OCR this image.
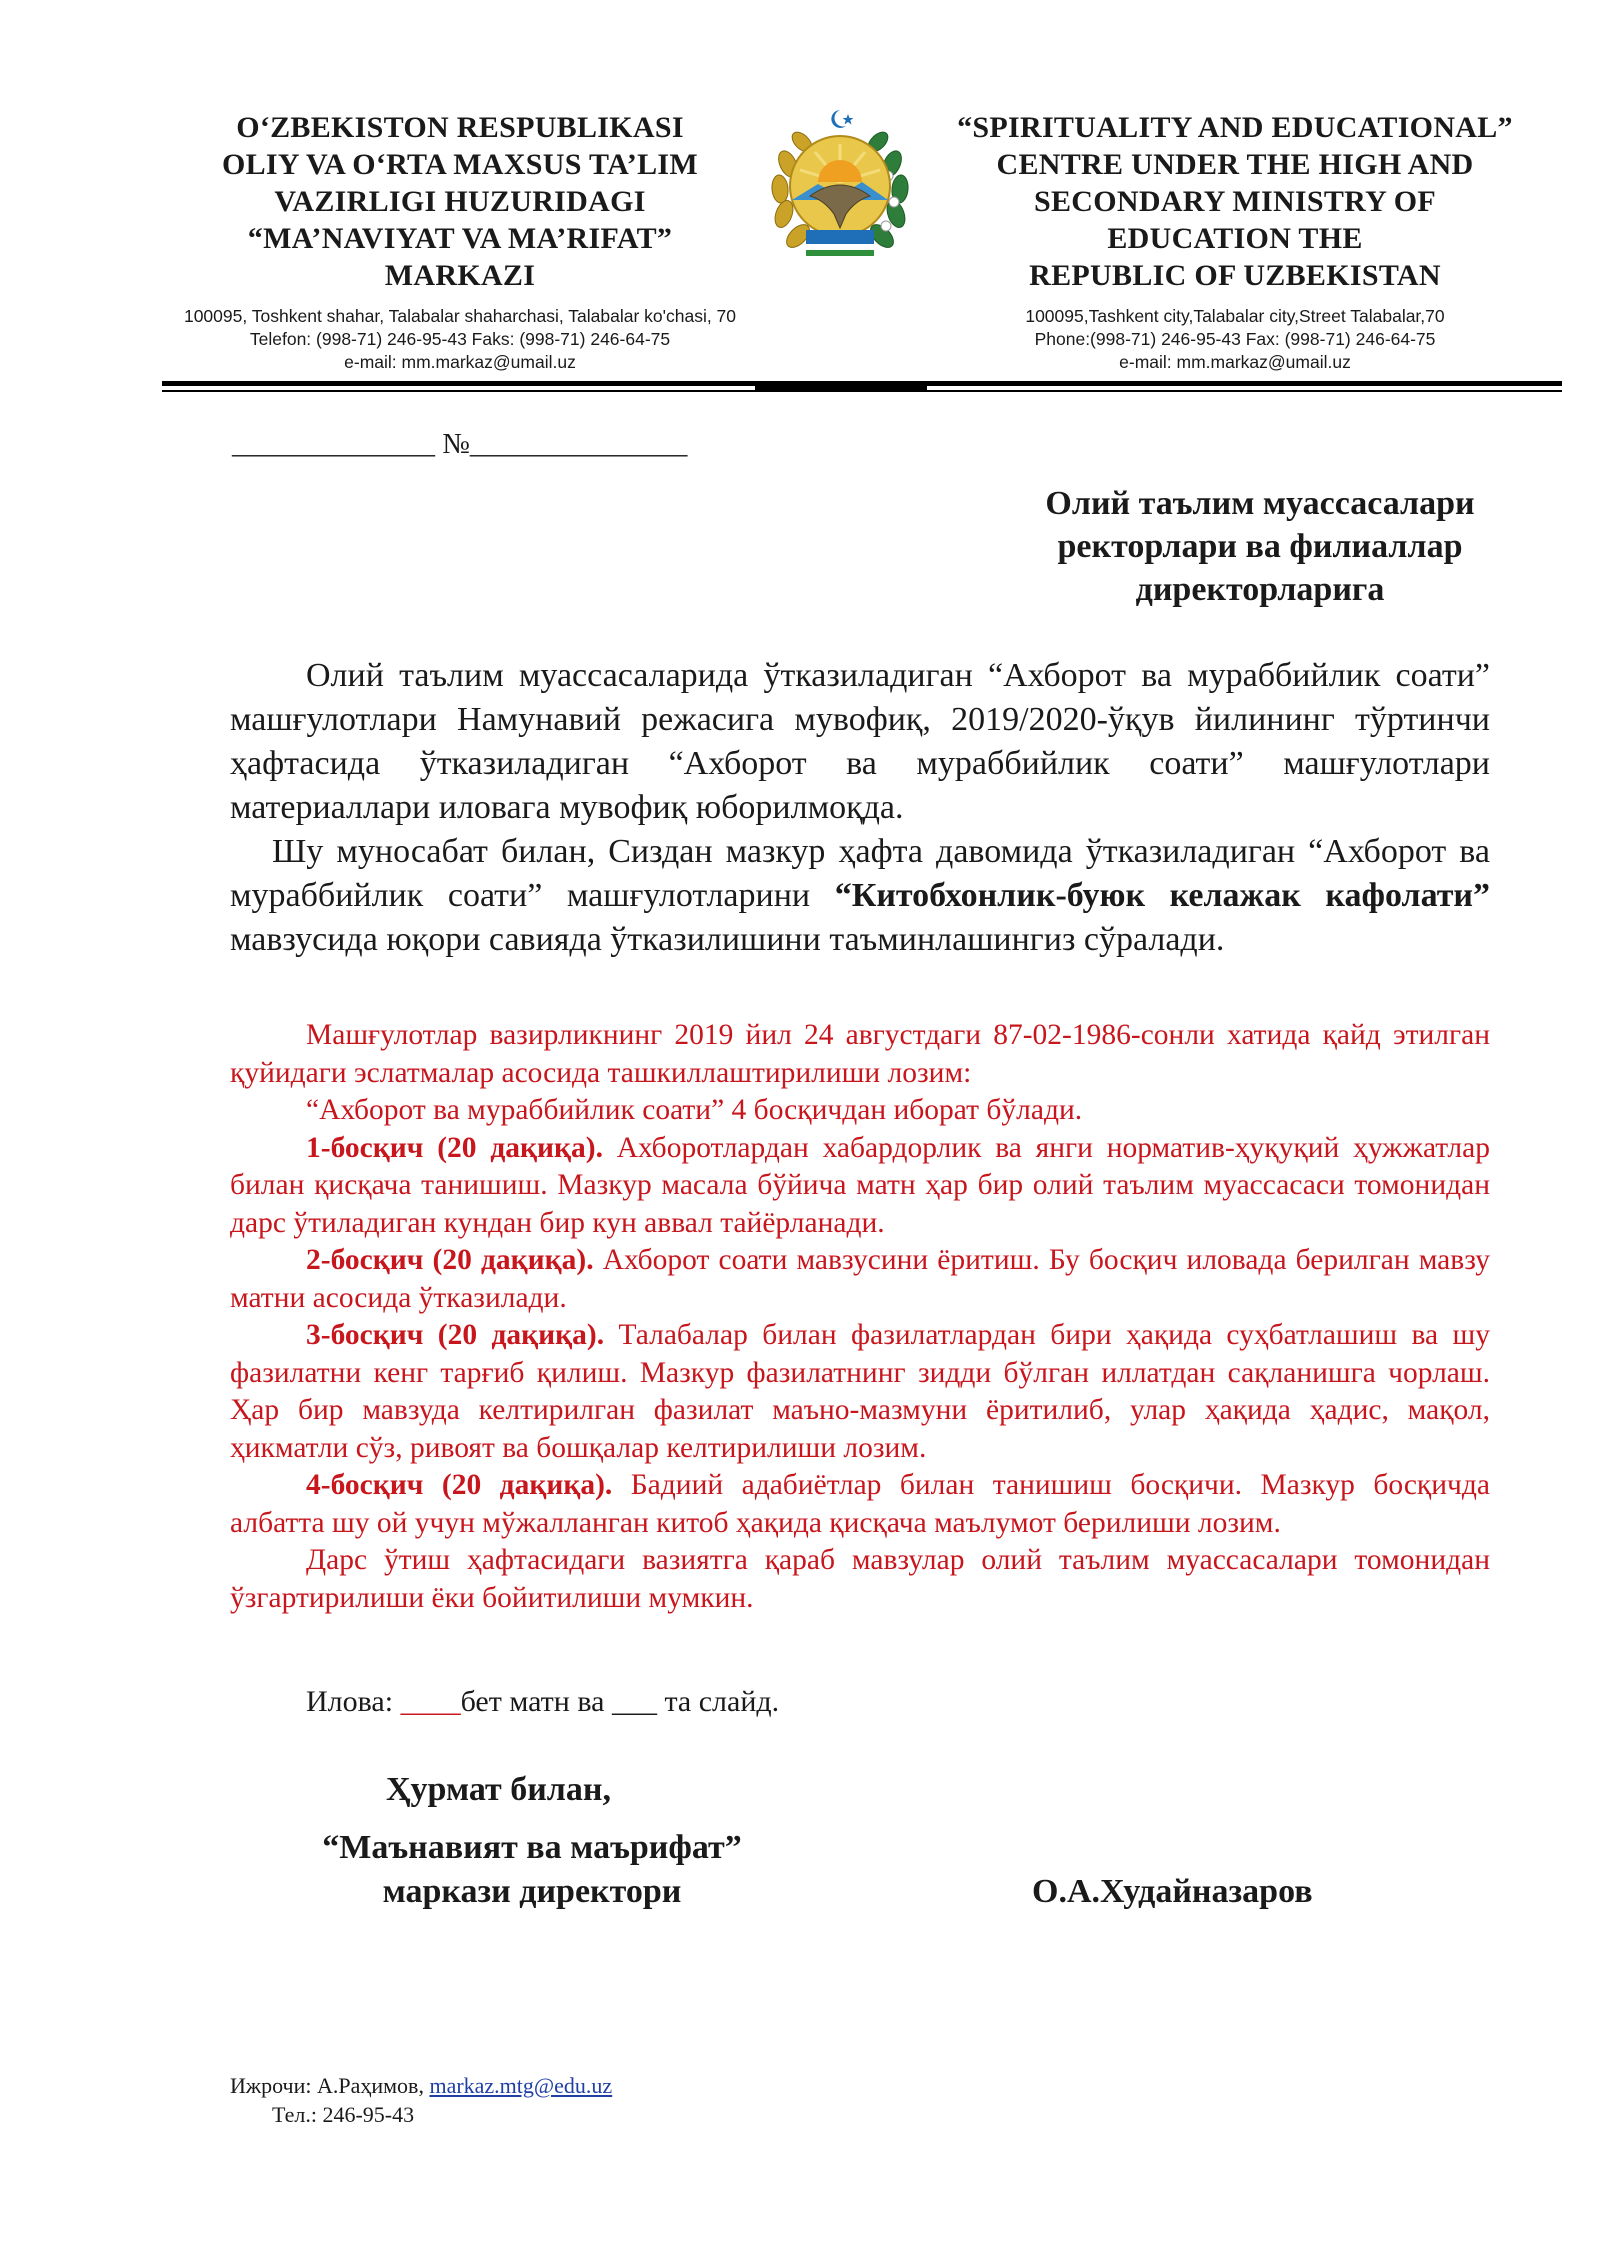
O‘ZBEKISTON RESPUBLIKASI
OLIY VA O‘RTA MAXSUS TA’LIM
VAZIRLIGI HUZURIDAGI
“MA’NAVIYAT VA MA’RIFAT”
MARKAZI
100095, Toshkent shahar, Talabalar shaharchasi, Talabalar ko'chasi, 70
Telefon: (998-71) 246-95-43 Faks: (998-71) 246-64-75
e-mail: mm.markaz@umail.uz
“SPIRITUALITY AND EDUCATIONAL”
CENTRE UNDER THE HIGH AND
SECONDARY MINISTRY OF
EDUCATION THE
REPUBLIC OF UZBEKISTAN
100095,Tashkent city,Talabalar city,Street Talabalar,70
Phone:(998-71) 246-95-43 Fax: (998-71) 246-64-75
e-mail: mm.markaz@umail.uz
______________ №_______________
Олий таълим муассасалари
ректорлари ва филиаллар
директорларига

Олий таълим муассасаларида ўтказиладиган “Ахборот ва мураббийлик соати” машғулотлари Намунавий режасига мувофиқ, 2019/2020-ўқув йилининг тўртинчи ҳафтасида ўтказиладиган “Ахборот ва мураббийлик соати” машғулотлари материаллари иловага мувофиқ юборилмоқда.

Шу муносабат билан, Сиздан мазкур ҳафта давомида ўтказиладиган “Ахборот ва мураббийлик соати” машғулотларини “Китобхонлик-буюк келажак кафолати” мавзусида юқори савияда ўтказилишини таъминлашингиз сўралади.

Машғулотлар вазирликнинг 2019 йил 24 августдаги 87-02-1986-сонли хатида қайд этилган қуйидаги эслатмалар асосида ташкиллаштирилиши лозим:

“Ахборот ва мураббийлик соати” 4 босқичдан иборат бўлади.

1-босқич (20 дақиқа). Ахборотлардан хабардорлик ва янги норматив-ҳуқуқий ҳужжатлар билан қисқача танишиш. Мазкур масала бўйича матн ҳар бир олий таълим муассасаси томонидан дарс ўтиладиган кундан бир кун аввал тайёрланади.

2-босқич (20 дақиқа). Ахборот соати мавзусини ёритиш. Бу босқич иловада берилган мавзу матни асосида ўтказилади.

3-босқич (20 дақиқа). Талабалар билан фазилатлардан бири ҳақида суҳбатлашиш ва шу фазилатни кенг тарғиб қилиш. Мазкур фазилатнинг зидди бўлган иллатдан сақланишга чорлаш. Ҳар бир мавзуда келтирилган фазилат маъно-мазмуни ёритилиб, улар ҳақида ҳадис, мақол, ҳикматли сўз, ривоят ва бошқалар келтирилиши лозим.

4-босқич (20 дақиқа). Бадиий адабиётлар билан танишиш босқичи. Мазкур босқичда албатта шу ой учун мўжалланган китоб ҳақида қисқача маълумот берилиши лозим.

Дарс ўтиш ҳафтасидаги вазиятга қараб мавзулар олий таълим муассасалари томонидан ўзгартирилиши ёки бойитилиши мумкин.

Илова: ____бет матн ва ___ та слайд.
Ҳурмат билан,
“Маънавият ва маърифат”
маркази директори	О.А.Худайназаров
Ижрочи: А.Раҳимов, markaz.mtg@edu.uz
Тел.: 246-95-43
